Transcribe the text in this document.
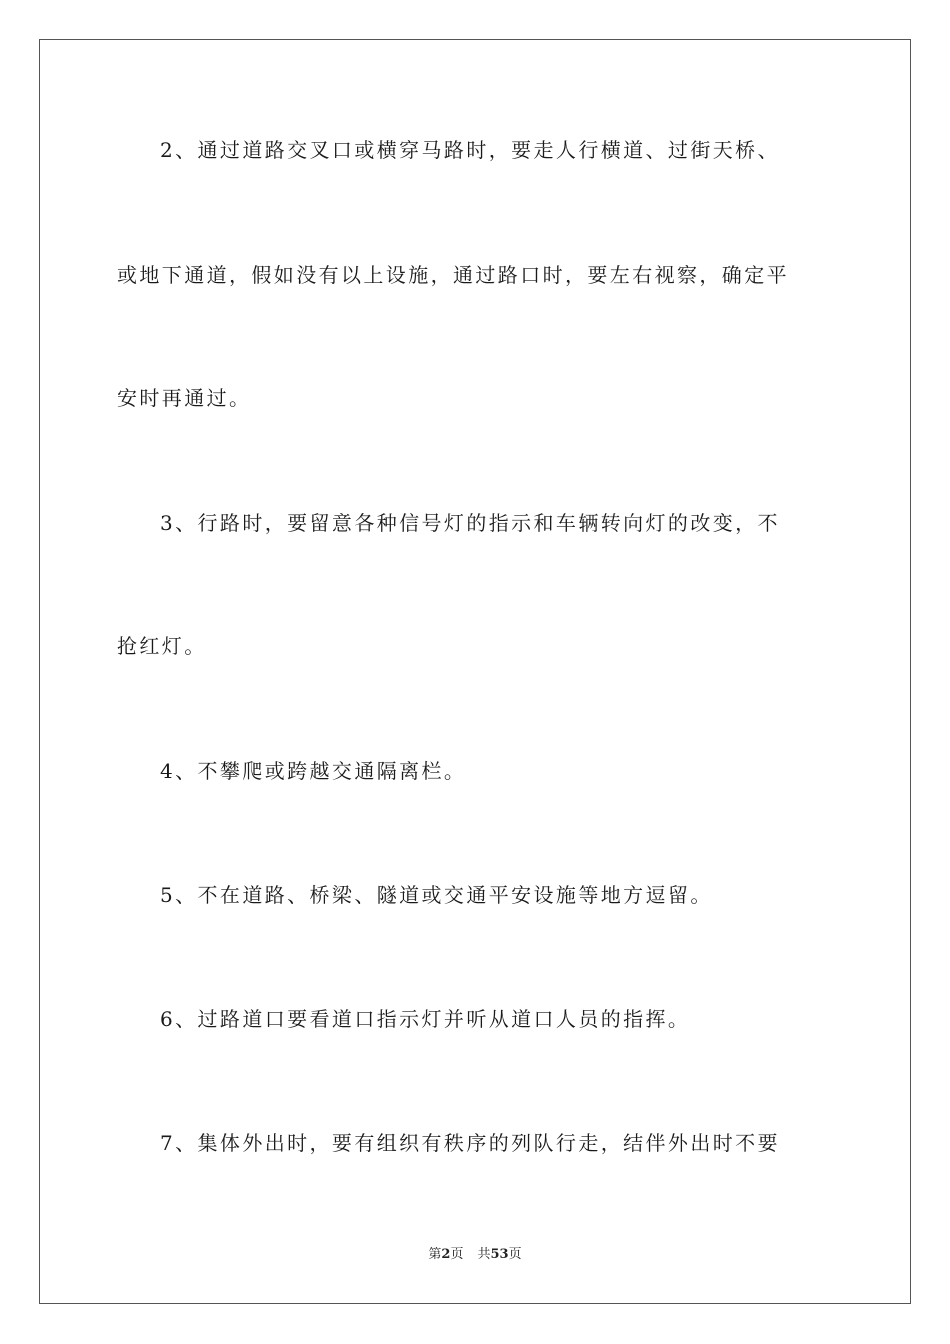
2、通过道路交叉口或横穿马路时，要走人行横道、过街天桥、
或地下通道，假如没有以上设施，通过路口时，要左右视察，确定平
安时再通过。
3、行路时，要留意各种信号灯的指示和车辆转向灯的改变，不
抢红灯。
4、不攀爬或跨越交通隔离栏。
5、不在道路、桥梁、隧道或交通平安设施等地方逗留。
6、过路道口要看道口指示灯并听从道口人员的指挥。
7、集体外出时，要有组织有秩序的列队行走，结伴外出时不要
第2页 共53页
